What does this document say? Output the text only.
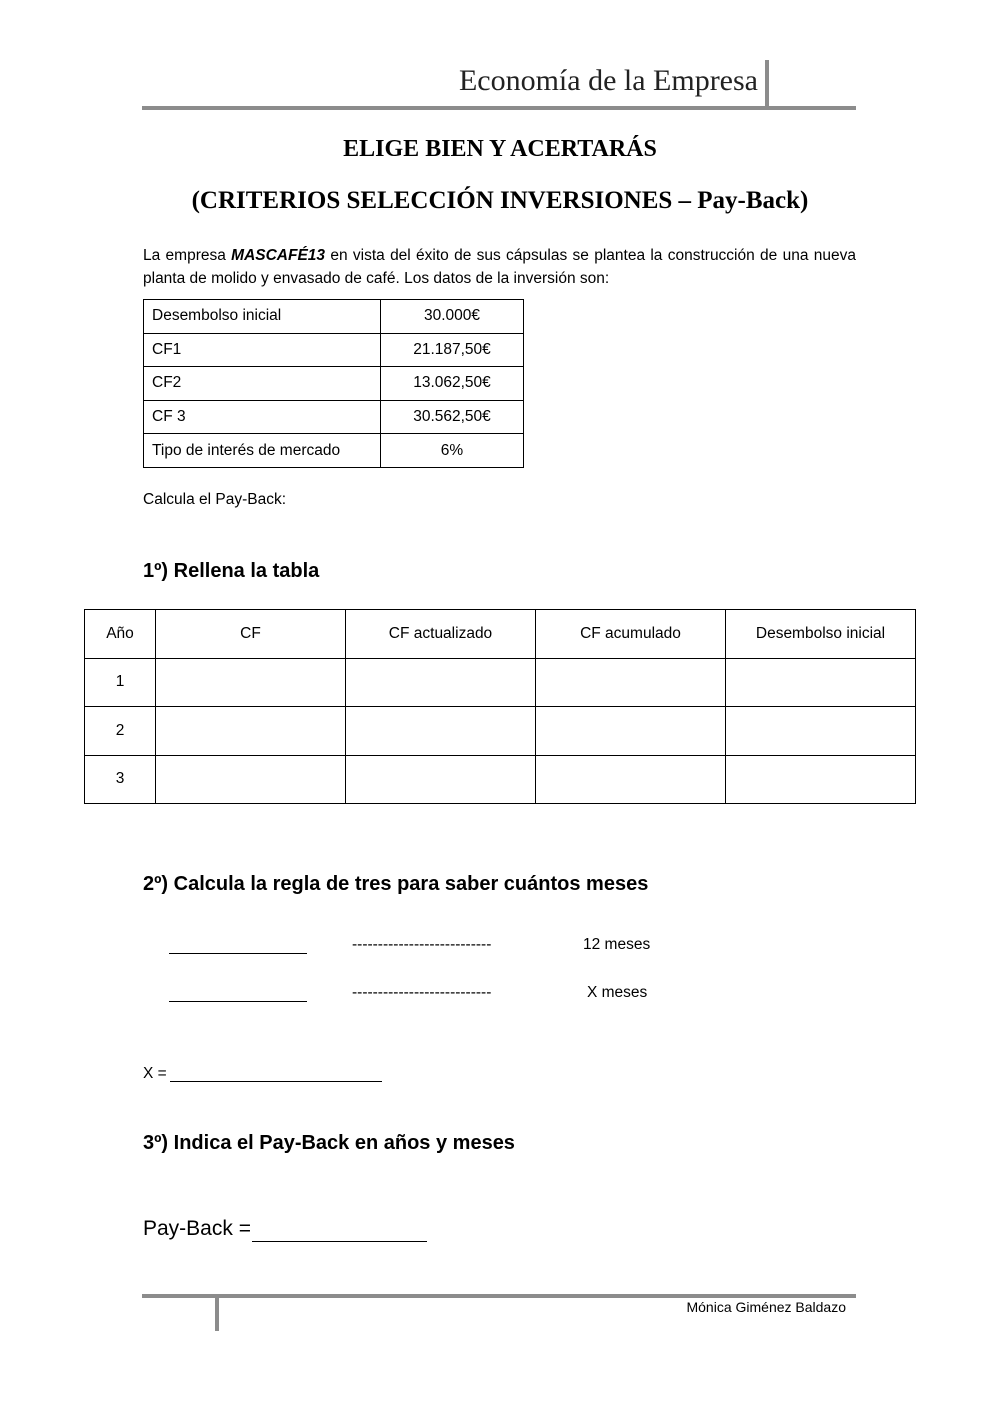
Economía de la Empresa
ELIGE BIEN Y ACERTARÁS
(CRITERIOS SELECCIÓN INVERSIONES – Pay-Back)

La empresa MASCAFÉ13 en vista del éxito de sus cápsulas se plantea la construcción de una nueva planta de molido y envasado de café. Los datos de la inversión son:

Desembolso inicial	30.000€
CF1	21.187,50€
CF2	13.062,50€
CF 3	30.562,50€
Tipo de interés de mercado	6%
Calcula el Pay-Back:
1º) Rellena la tabla
Año	CF	CF actualizado	CF acumulado	Desembolso inicial
1				
2				
3				
2º) Calcula la regla de tres para saber cuántos meses
---------------------------	12 meses
---------------------------	X meses
X =
3º) Indica el Pay-Back en años y meses
Pay-Back =
Mónica Giménez Baldazo
